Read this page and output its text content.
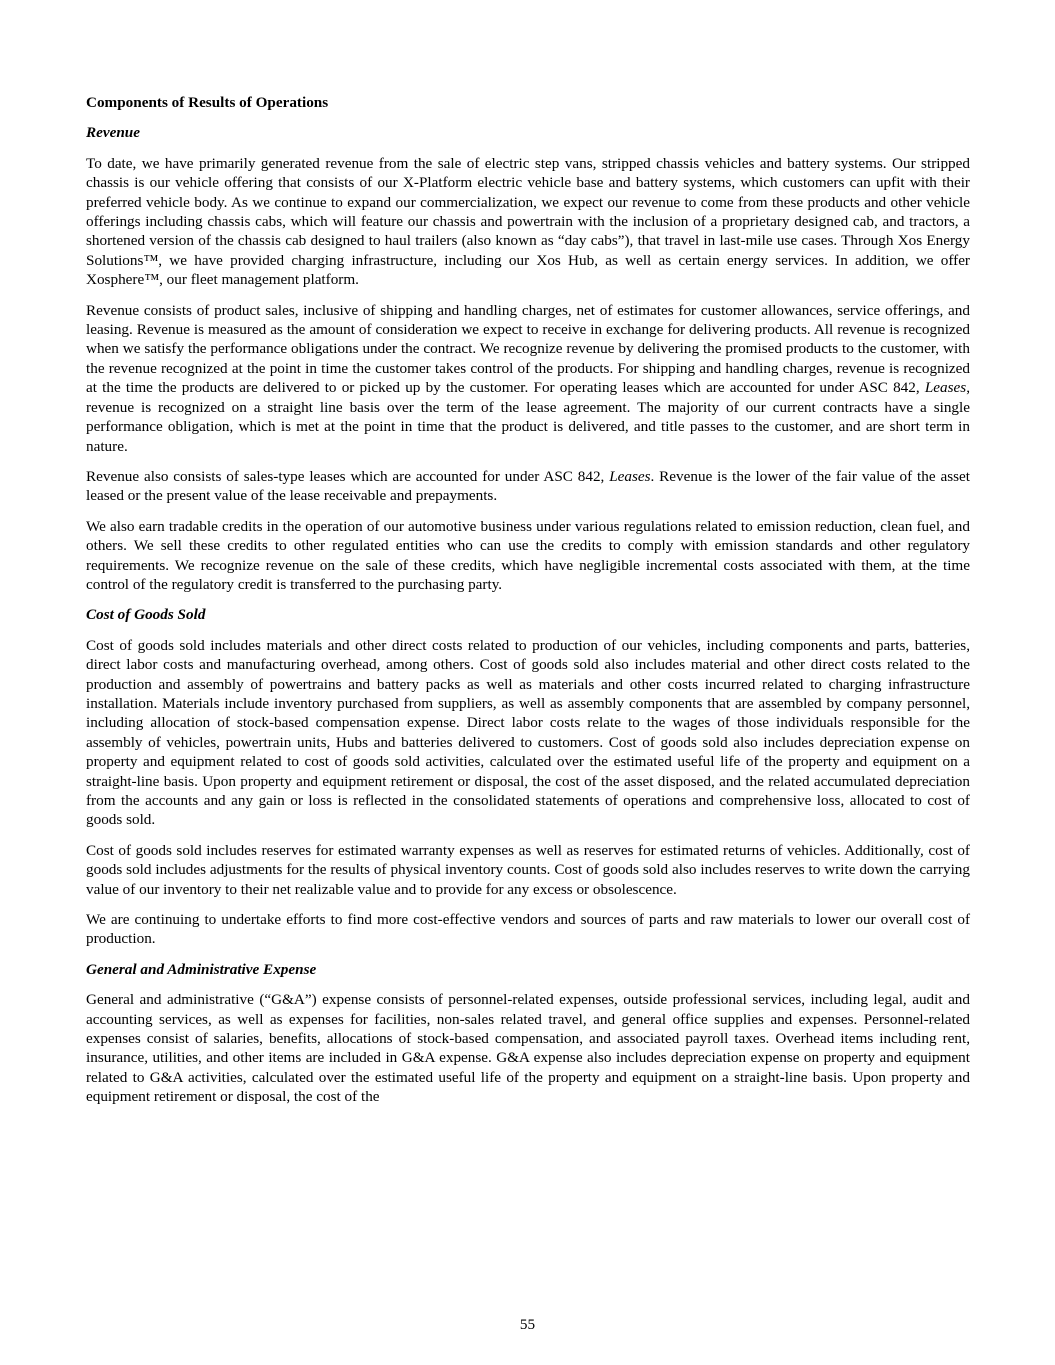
Components of Results of Operations
Revenue

To date, we have primarily generated revenue from the sale of electric step vans, stripped chassis vehicles and battery systems. Our stripped chassis is our vehicle offering that consists of our X-Platform electric vehicle base and battery systems, which customers can upfit with their preferred vehicle body. As we continue to expand our commercialization, we expect our revenue to come from these products and other vehicle offerings including chassis cabs, which will feature our chassis and powertrain with the inclusion of a proprietary designed cab, and tractors, a shortened version of the chassis cab designed to haul trailers (also known as “day cabs”), that travel in last-mile use cases. Through Xos Energy Solutions™, we have provided charging infrastructure, including our Xos Hub, as well as certain energy services. In addition, we offer Xosphere™, our fleet management platform.

Revenue consists of product sales, inclusive of shipping and handling charges, net of estimates for customer allowances, service offerings, and leasing. Revenue is measured as the amount of consideration we expect to receive in exchange for delivering products. All revenue is recognized when we satisfy the performance obligations under the contract. We recognize revenue by delivering the promised products to the customer, with the revenue recognized at the point in time the customer takes control of the products. For shipping and handling charges, revenue is recognized at the time the products are delivered to or picked up by the customer. For operating leases which are accounted for under ASC 842, Leases, revenue is recognized on a straight line basis over the term of the lease agreement. The majority of our current contracts have a single performance obligation, which is met at the point in time that the product is delivered, and title passes to the customer, and are short term in nature.

Revenue also consists of sales-type leases which are accounted for under ASC 842, Leases. Revenue is the lower of the fair value of the asset leased or the present value of the lease receivable and prepayments.

We also earn tradable credits in the operation of our automotive business under various regulations related to emission reduction, clean fuel, and others. We sell these credits to other regulated entities who can use the credits to comply with emission standards and other regulatory requirements. We recognize revenue on the sale of these credits, which have negligible incremental costs associated with them, at the time control of the regulatory credit is transferred to the purchasing party.

Cost of Goods Sold

Cost of goods sold includes materials and other direct costs related to production of our vehicles, including components and parts, batteries, direct labor costs and manufacturing overhead, among others. Cost of goods sold also includes material and other direct costs related to the production and assembly of powertrains and battery packs as well as materials and other costs incurred related to charging infrastructure installation. Materials include inventory purchased from suppliers, as well as assembly components that are assembled by company personnel, including allocation of stock-based compensation expense. Direct labor costs relate to the wages of those individuals responsible for the assembly of vehicles, powertrain units, Hubs and batteries delivered to customers. Cost of goods sold also includes depreciation expense on property and equipment related to cost of goods sold activities, calculated over the estimated useful life of the property and equipment on a straight-line basis. Upon property and equipment retirement or disposal, the cost of the asset disposed, and the related accumulated depreciation from the accounts and any gain or loss is reflected in the consolidated statements of operations and comprehensive loss, allocated to cost of goods sold.

Cost of goods sold includes reserves for estimated warranty expenses as well as reserves for estimated returns of vehicles. Additionally, cost of goods sold includes adjustments for the results of physical inventory counts. Cost of goods sold also includes reserves to write down the carrying value of our inventory to their net realizable value and to provide for any excess or obsolescence.

We are continuing to undertake efforts to find more cost-effective vendors and sources of parts and raw materials to lower our overall cost of production.

General and Administrative Expense

General and administrative (“G&A”) expense consists of personnel-related expenses, outside professional services, including legal, audit and accounting services, as well as expenses for facilities, non-sales related travel, and general office supplies and expenses. Personnel-related expenses consist of salaries, benefits, allocations of stock-based compensation, and associated payroll taxes. Overhead items including rent, insurance, utilities, and other items are included in G&A expense. G&A expense also includes depreciation expense on property and equipment related to G&A activities, calculated over the estimated useful life of the property and equipment on a straight-line basis. Upon property and equipment retirement or disposal, the cost of the

55
